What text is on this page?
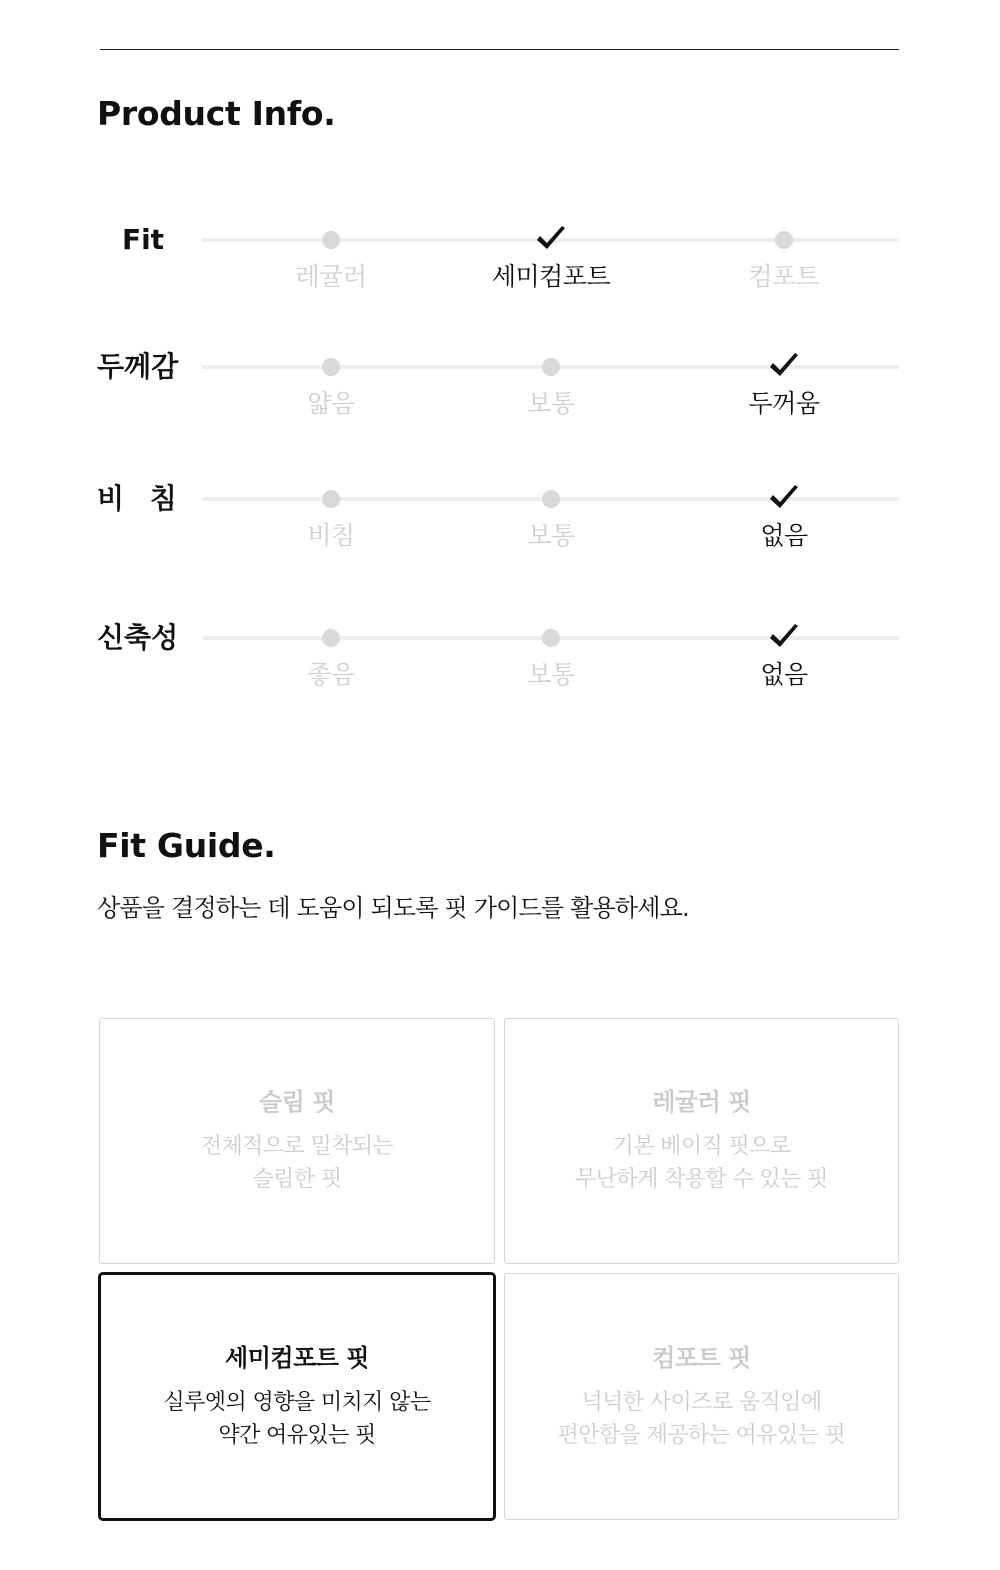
Product Info.
Fit
레귤러	세미컴포트	컴포트
두께감
얇음	보통	두꺼움
비 침
비침	보통	없음
신축성
좋음	보통	없음
Fit Guide.
상품을 결정하는 데 도움이 되도록 핏 가이드를 활용하세요.
슬림 핏
전체적으로 밀착되는
슬림한 핏
레귤러 핏
기본 베이직 핏으로
무난하게 착용할 수 있는 핏
세미컴포트 핏
실루엣의 영향을 미치지 않는
약간 여유있는 핏
컴포트 핏
넉넉한 사이즈로 움직임에
편안함을 제공하는 여유있는 핏
